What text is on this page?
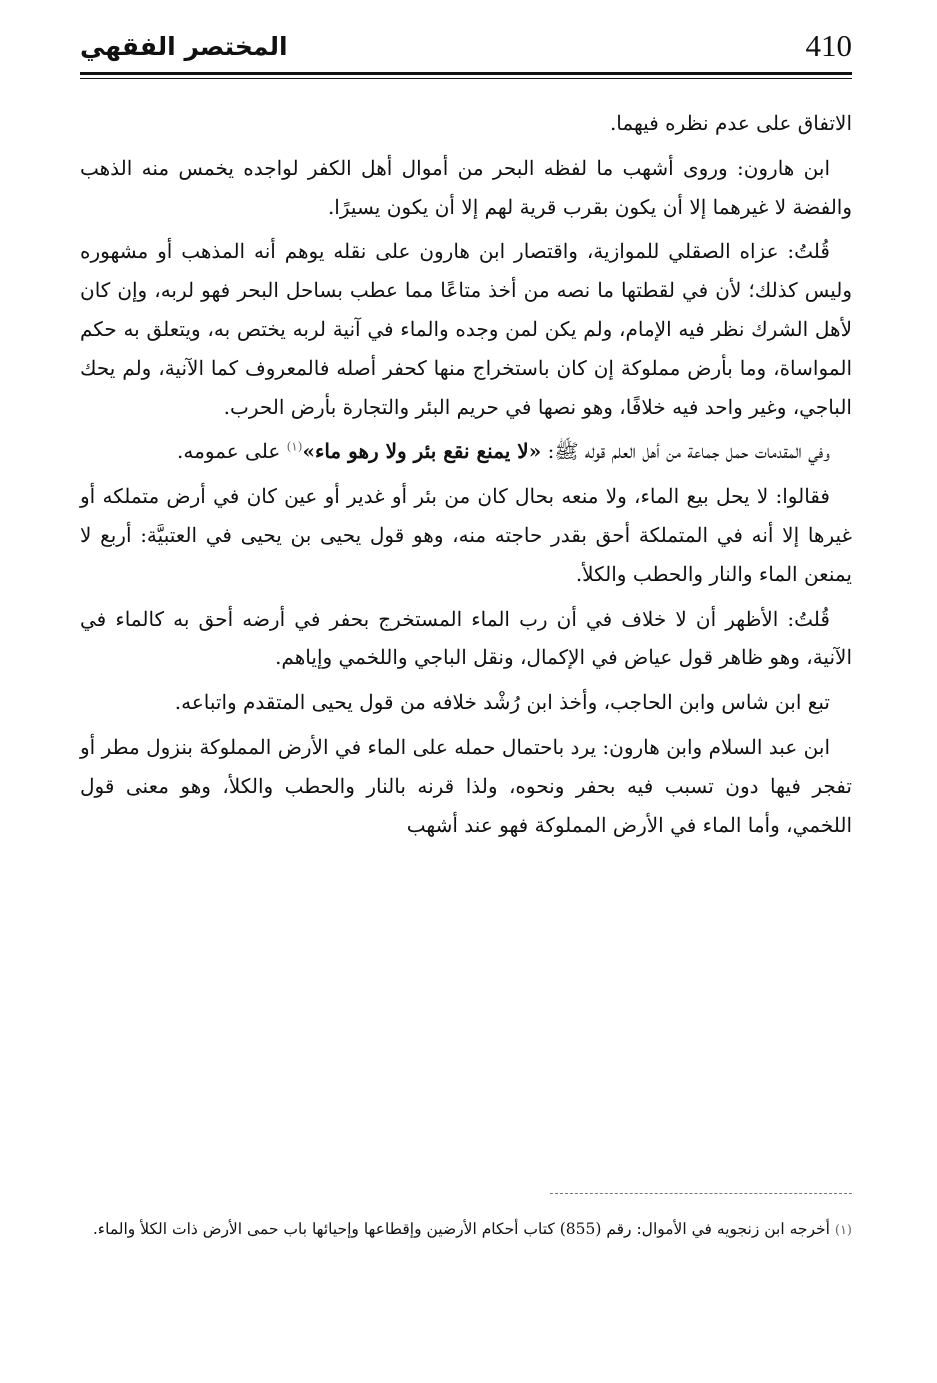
410
المختصر الفقهي

الاتفاق على عدم نظره فيهما.

ابن هارون: وروى أشهب ما لفظه البحر من أموال أهل الكفر لواجده يخمس منه الذهب والفضة لا غيرهما إلا أن يكون بقرب قرية لهم إلا أن يكون يسيرًا.

قُلتُ: عزاه الصقلي للموازية، واقتصار ابن هارون على نقله يوهم أنه المذهب أو مشهوره وليس كذلك؛ لأن في لقطتها ما نصه من أخذ متاعًا مما عطب بساحل البحر فهو لربه، وإن كان لأهل الشرك نظر فيه الإمام، ولم يكن لمن وجده والماء في آنية لربه يختص به، ويتعلق به حكم المواساة، وما بأرض مملوكة إن كان باستخراج منها كحفر أصله فالمعروف كما الآنية، ولم يحك الباجي، وغير واحد فيه خلافًا، وهو نصها في حريم البئر والتجارة بأرض الحرب.

وفي المقدمات حمل جماعة من أهل العلم قوله ﷺ: «لا يمنع نقع بئر ولا رهو ماء»$^{(١)}$ على عمومه.

فقالوا: لا يحل بيع الماء، ولا منعه بحال كان من بئر أو غدير أو عين كان في أرض متملكه أو غيرها إلا أنه في المتملكة أحق بقدر حاجته منه، وهو قول يحيى بن يحيى في العتبيَّة: أربع لا يمنعن الماء والنار والحطب والكلأ.

قُلتُ: الأظهر أن لا خلاف في أن رب الماء المستخرج بحفر في أرضه أحق به كالماء في الآنية، وهو ظاهر قول عياض في الإكمال، ونقل الباجي واللخمي وإياهم.

تبع ابن شاس وابن الحاجب، وأخذ ابن رُشْد خلافه من قول يحيى المتقدم واتباعه.

ابن عبد السلام وابن هارون: يرد باحتمال حمله على الماء في الأرض المملوكة بنزول مطر أو تفجر فيها دون تسبب فيه بحفر ونحوه، ولذا قرنه بالنار والحطب والكلأ، وهو معنى قول اللخمي، وأما الماء في الأرض المملوكة فهو عند أشهب

(١) أخرجه ابن زنجويه في الأموال: رقم (855) كتاب أحكام الأرضين وإقطاعها وإحيائها باب حمى الأرض ذات الكلأ والماء.
